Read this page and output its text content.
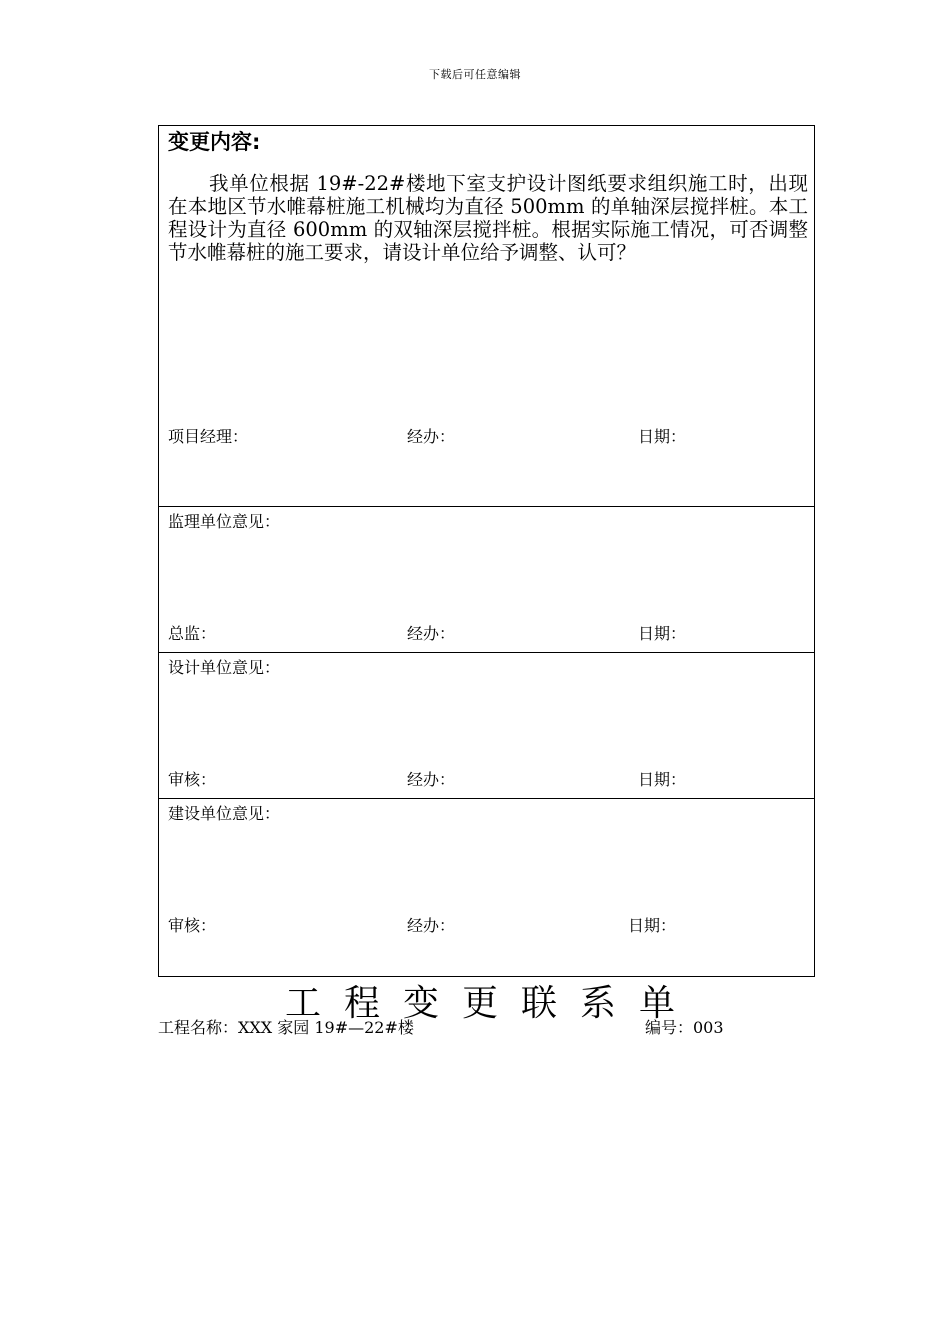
下载后可任意编辑
变更内容:
我单位根据 19#-22#楼地下室支护设计图纸要求组织施工时，出现在本地区节水帷幕桩施工机械均为直径 500mm 的单轴深层搅拌桩。本工程设计为直径 600mm 的双轴深层搅拌桩。根据实际施工情况，可否调整节水帷幕桩的施工要求，请设计单位给予调整、认可？
项目经理：	经办：	日期：
监理单位意见：
总监：	经办：	日期：
设计单位意见：
审核：	经办：	日期：
建设单位意见：
审核：	经办：	日期：
工程变更联系单
工程名称：XXX 家园 19#—22#楼	编号：003
